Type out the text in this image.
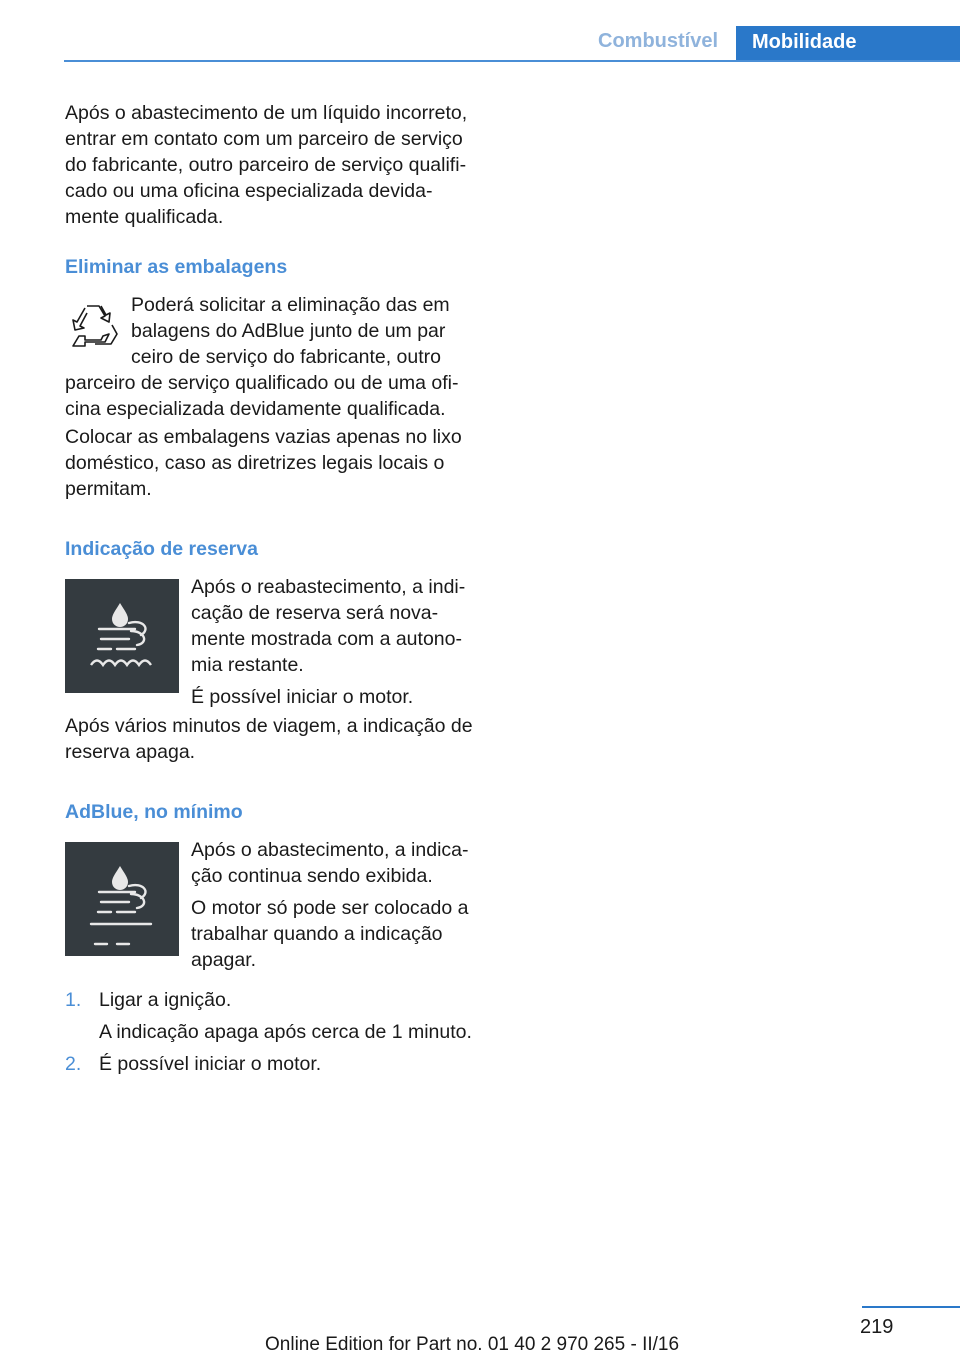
Combustível	Mobilidade

Após o abastecimento de um líquido incorreto, entrar em contato com um parceiro de serviço do fabricante, outro parceiro de serviço qualificado ou uma oficina especializada devidamente qualificada.

Eliminar as embalagens

Poderá solicitar a eliminação das em

balagens do AdBlue junto de um par

ceiro de serviço do fabricante, outro

parceiro de serviço qualificado ou de uma oficina especializada devidamente qualificada.

Colocar as embalagens vazias apenas no lixo doméstico, caso as diretrizes legais locais o permitam.

Indicação de reserva

Após o reabastecimento, a indicação de reserva será novamente mostrada com a autonomia restante.

É possível iniciar o motor.

Após vários minutos de viagem, a indicação de reserva apaga.

AdBlue, no mínimo

Após o abastecimento, a indicação continua sendo exibida.

O motor só pode ser colocado a trabalhar quando a indicação apagar.

1. Ligar a ignição.

A indicação apaga após cerca de 1 minuto.
2. É possível iniciar o motor.
219
Online Edition for Part no. 01 40 2 970 265 - II/16
